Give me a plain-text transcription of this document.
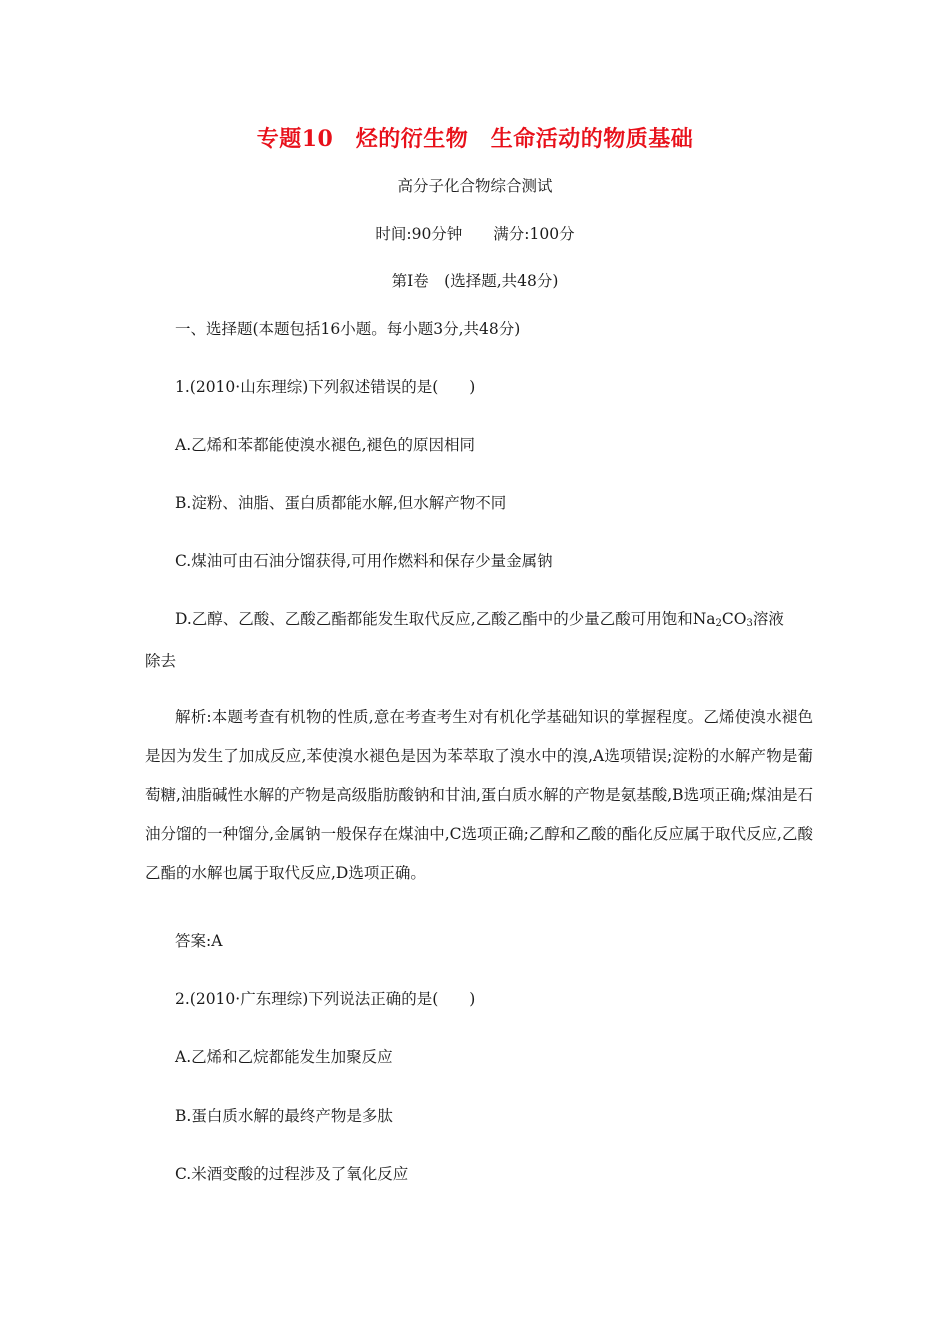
专题10　烃的衍生物　生命活动的物质基础
高分子化合物综合测试
时间:90分钟　　满分:100分
第Ⅰ卷　(选择题,共48分)
一、选择题(本题包括16小题。每小题3分,共48分)
1.(2010·山东理综)下列叙述错误的是(　　)
A.乙烯和苯都能使溴水褪色,褪色的原因相同
B.淀粉、油脂、蛋白质都能水解,但水解产物不同
C.煤油可由石油分馏获得,可用作燃料和保存少量金属钠
D.乙醇、乙酸、乙酸乙酯都能发生取代反应,乙酸乙酯中的少量乙酸可用饱和$Na_2CO_3$溶液
除去
解析:本题考查有机物的性质,意在考查考生对有机化学基础知识的掌握程度。乙烯使溴水褪色是因为发生了加成反应,苯使溴水褪色是因为苯萃取了溴水中的溴,A选项错误;淀粉的水解产物是葡萄糖,油脂碱性水解的产物是高级脂肪酸钠和甘油,蛋白质水解的产物是氨基酸,B选项正确;煤油是石油分馏的一种馏分,金属钠一般保存在煤油中,C选项正确;乙醇和乙酸的酯化反应属于取代反应,乙酸乙酯的水解也属于取代反应,D选项正确。
答案:A
2.(2010·广东理综)下列说法正确的是(　　)
A.乙烯和乙烷都能发生加聚反应
B.蛋白质水解的最终产物是多肽
C.米酒变酸的过程涉及了氧化反应
